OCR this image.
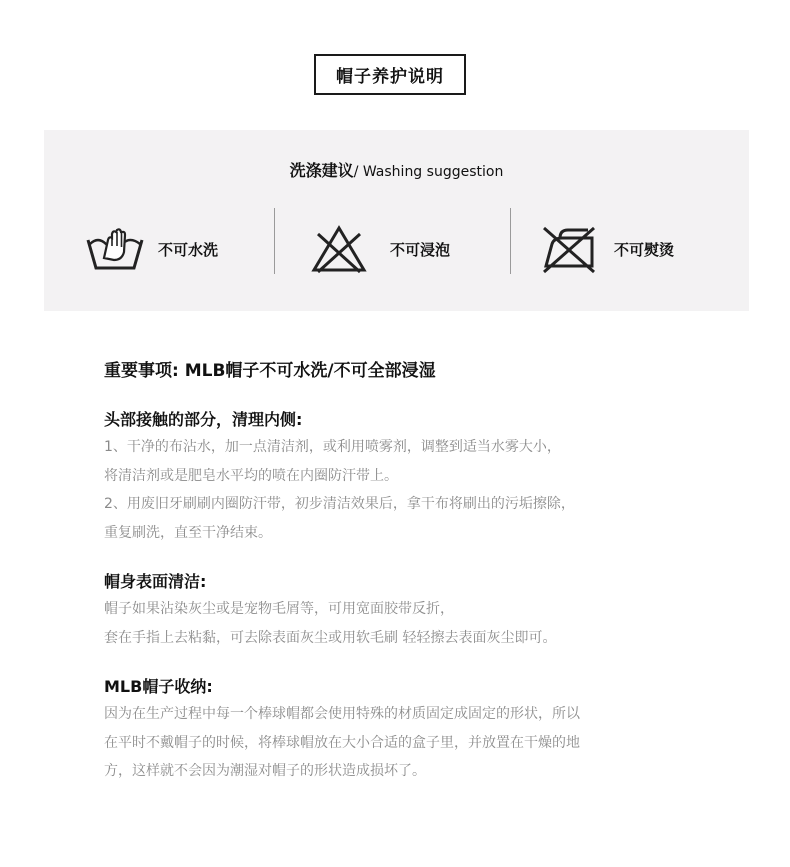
帽子养护说明
洗涤建议/ Washing suggestion
不可水洗	不可浸泡	不可熨烫

重要事项: MLB帽子不可水洗/不可全部浸湿

头部接触的部分，清理内侧:

1、干净的布沾水，加一点清洁剂，或利用喷雾剂，调整到适当水雾大小，

将清洁剂或是肥皂水平均的喷在内圈防汗带上。

2、用废旧牙刷刷内圈防汗带，初步清洁效果后，拿干布将刷出的污垢擦除，

重复刷洗，直至干净结束。

帽身表面清洁:

帽子如果沾染灰尘或是宠物毛屑等，可用宽面胶带反折，

套在手指上去粘黏，可去除表面灰尘或用软毛刷 轻轻擦去表面灰尘即可。

MLB帽子收纳:

因为在生产过程中每一个棒球帽都会使用特殊的材质固定成固定的形状，所以

在平时不戴帽子的时候，将棒球帽放在大小合适的盒子里，并放置在干燥的地

方，这样就不会因为潮湿对帽子的形状造成损坏了。
